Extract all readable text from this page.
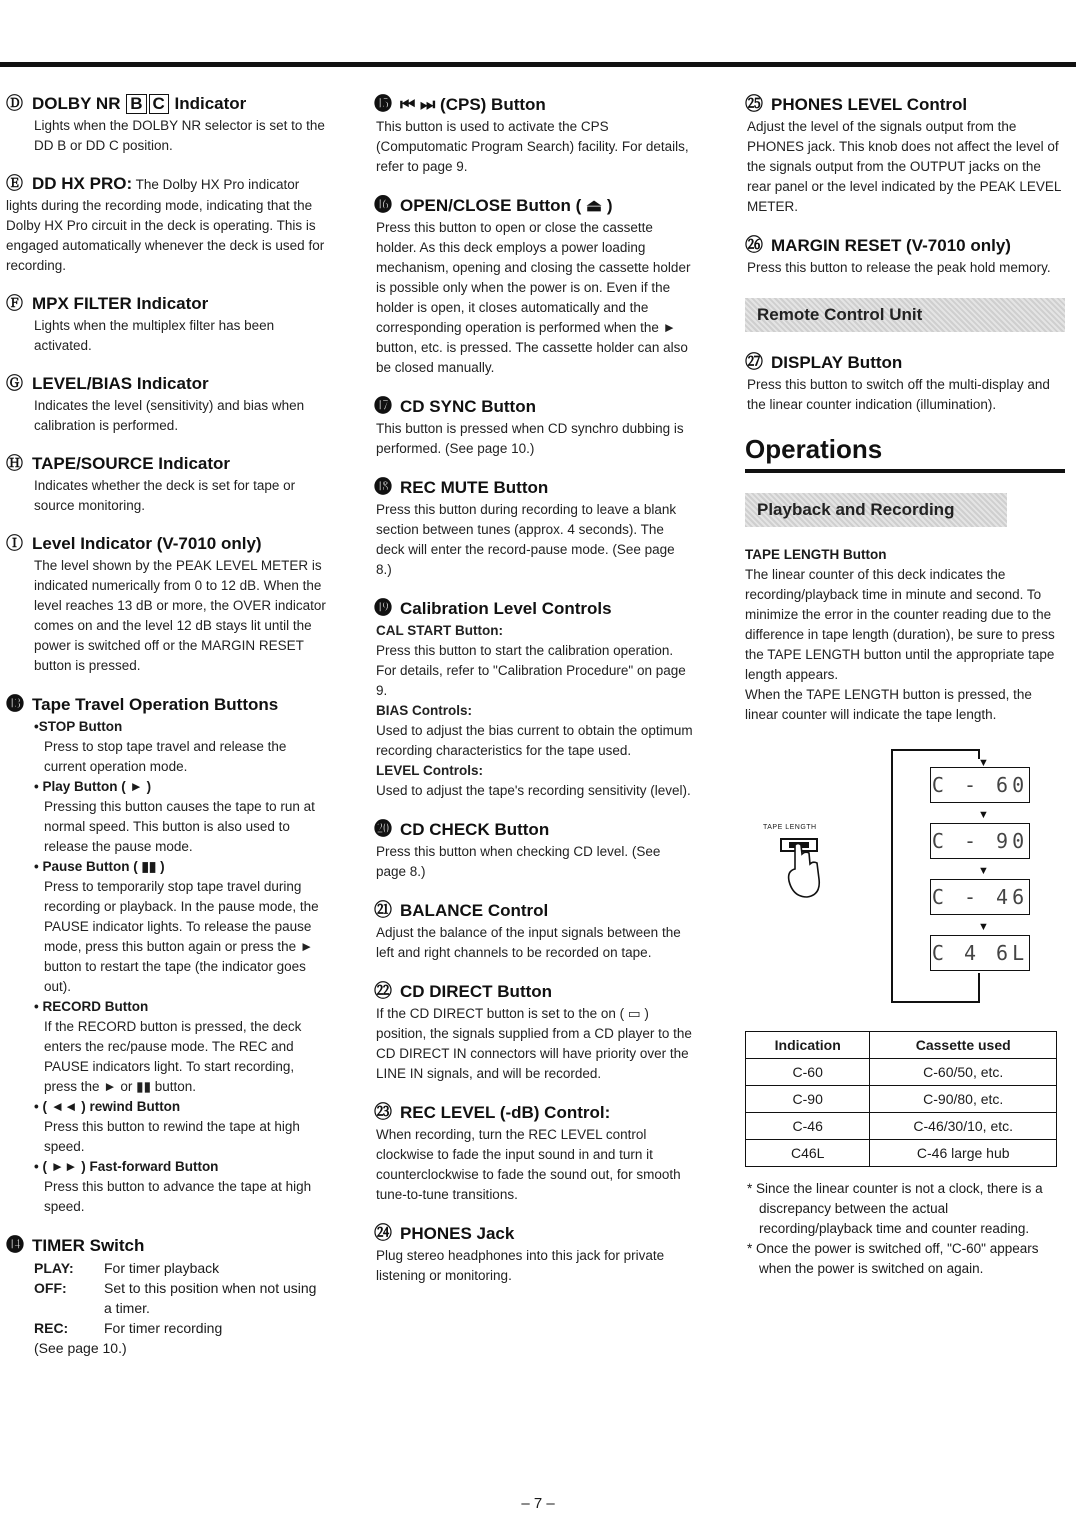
Ⓓ DOLBY NR B C Indicator
Lights when the DOLBY NR selector is set to the DD B or DD C position.
Ⓔ DD HX PRO: The Dolby HX Pro indicator lights during the recording mode, indicating that the Dolby HX Pro circuit in the deck is operating. This is engaged automatically whenever the deck is used for recording.
Ⓕ MPX FILTER Indicator
Lights when the multiplex filter has been activated.
Ⓖ LEVEL/BIAS Indicator
Indicates the level (sensitivity) and bias when calibration is performed.
Ⓗ TAPE/SOURCE Indicator
Indicates whether the deck is set for tape or source monitoring.
Ⓘ Level Indicator (V-7010 only)
The level shown by the PEAK LEVEL METER is indicated numerically from 0 to 12 dB. When the level reaches 13 dB or more, the OVER indicator comes on and the level 12 dB stays lit until the power is switched off or the MARGIN RESET button is pressed.
⓭ Tape Travel Operation Buttons
•STOP Button
Press to stop tape travel and release the current operation mode.
• Play Button ( ► )
Pressing this button causes the tape to run at normal speed. This button is also used to release the pause mode.
• Pause Button ( ▮▮ )
Press to temporarily stop tape travel during recording or playback. In the pause mode, the PAUSE indicator lights. To release the pause mode, press this button again or press the ► button to restart the tape (the indicator goes out).
• RECORD Button
If the RECORD button is pressed, the deck enters the rec/pause mode. The REC and PAUSE indicators light. To start recording, press the ► or ▮▮ button.
• ( ◄◄ ) rewind Button
Press this button to rewind the tape at high speed.
• ( ►► ) Fast-forward Button
Press this button to advance the tape at high speed.
⓮ TIMER Switch
PLAY:	For timer playback
OFF:	Set to this position when not using a timer.
REC:	For timer recording
(See page 10.)
⓯ ⏮ ⏭ (CPS) Button
This button is used to activate the CPS (Computomatic Program Search) facility. For details, refer to page 9.
⓰ OPEN/CLOSE Button ( ⏏ )
Press this button to open or close the cassette holder. As this deck employs a power loading mechanism, opening and closing the cassette holder is possible only when the power is on. Even if the holder is open, it closes automatically and the corresponding operation is performed when the ► button, etc. is pressed. The cassette holder can also be closed manually.
⓱ CD SYNC Button
This button is pressed when CD synchro dubbing is performed. (See page 10.)
⓲ REC MUTE Button
Press this button during recording to leave a blank section between tunes (approx. 4 seconds). The deck will enter the record-pause mode. (See page 8.)
⓳ Calibration Level Controls
CAL START Button:
Press this button to start the calibration operation. For details, refer to "Calibration Procedure" on page 9.
BIAS Controls:
Used to adjust the bias current to obtain the optimum recording characteristics for the tape used.
LEVEL Controls:
Used to adjust the tape's recording sensitivity (level).
⓴ CD CHECK Button
Press this button when checking CD level. (See page 8.)
㉑ BALANCE Control
Adjust the balance of the input signals between the left and right channels to be recorded on tape.
㉒ CD DIRECT Button
If the CD DIRECT button is set to the on ( ▭ ) position, the signals supplied from a CD player to the CD DIRECT IN connectors will have priority over the LINE IN signals, and will be recorded.
㉓ REC LEVEL (-dB) Control:
When recording, turn the REC LEVEL control clockwise to fade the input sound in and turn it counterclockwise to fade the sound out, for smooth tune-to-tune transitions.
㉔ PHONES Jack
Plug stereo headphones into this jack for private listening or monitoring.
㉕ PHONES LEVEL Control
Adjust the level of the signals output from the PHONES jack. This knob does not affect the level of the signals output from the OUTPUT jacks on the rear panel or the level indicated by the PEAK LEVEL METER.
㉖ MARGIN RESET (V-7010 only)
Press this button to release the peak hold memory.
Remote Control Unit
㉗ DISPLAY Button
Press this button to switch off the multi-display and the linear counter indication (illumination).
Operations
Playback and Recording
TAPE LENGTH Button
The linear counter of this deck indicates the recording/playback time in minute and second. To minimize the error in the counter reading due to the difference in tape length (duration), be sure to press the TAPE LENGTH button until the appropriate tape length appears.
When the TAPE LENGTH button is pressed, the linear counter will indicate the tape length.
▼
C - 60
▼
C - 90
▼
C - 46
▼
C 4 6L
TAPE LENGTH
Indication	Cassette used
C-60	C-60/50, etc.
C-90	C-90/80, etc.
C-46	C-46/30/10, etc.
C46L	C-46 large hub
* Since the linear counter is not a clock, there is a discrepancy between the actual recording/playback time and counter reading.
* Once the power is switched off, "C-60" appears when the power is switched on again.
– 7 –
